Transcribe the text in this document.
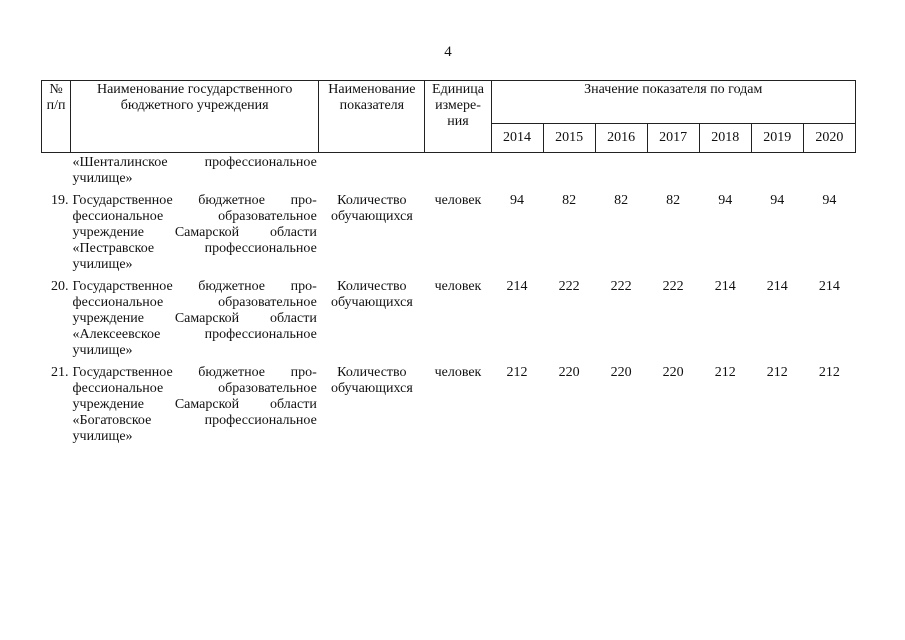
4
№ п/п	Наименование государственного бюджетного учреждения	Наименование показателя	Единица измере-ния	Значение показателя по годам						
				2014	2015	2016	2017	2018	2019	2020
	«Шенталинское профессиональное училище»									
19.	Государственное бюджетное про-фессиональное образовательное учреждение Самарской области «Пестравское профессиональное училище»	Количество обучающихся	человек	94	82	82	82	94	94	94
20.	Государственное бюджетное про-фессиональное образовательное учреждение Самарской области «Алексеевское профессиональное училище»	Количество обучающихся	человек	214	222	222	222	214	214	214
21.	Государственное бюджетное про-фессиональное образовательное учреждение Самарской области «Богатовское профессиональное училище»	Количество обучающихся	человек	212	220	220	220	212	212	212
